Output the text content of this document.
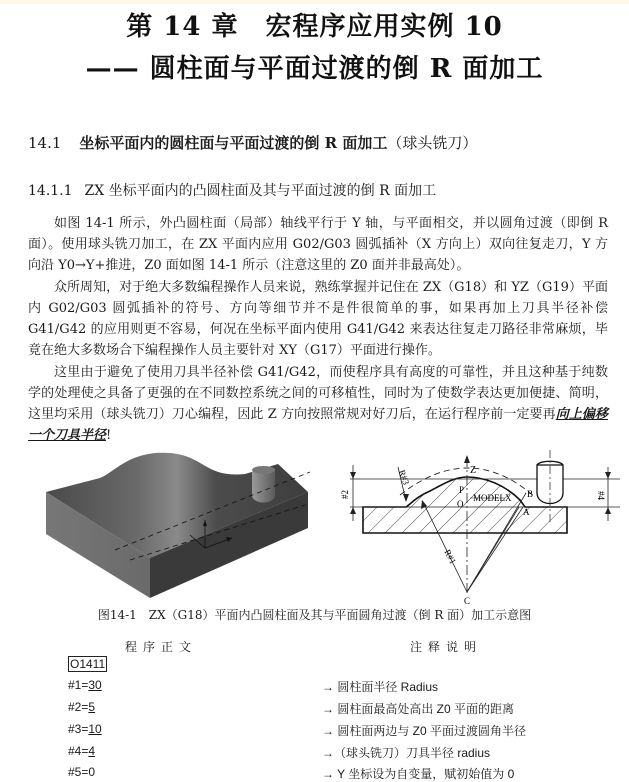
第 14 章　宏程序应用实例 10
—— 圆柱面与平面过渡的倒 R 面加工
14.1 坐标平面内的圆柱面与平面过渡的倒 R 面加工（球头铣刀）
14.1.1 ZX 坐标平面内的凸圆柱面及其与平面过渡的倒 R 面加工
如图 14-1 所示，外凸圆柱面（局部）轴线平行于 Y 轴，与平面相交，并以圆角过渡（即倒 R 面）。使用球头铣刀加工，在 ZX 平面内应用 G02/G03 圆弧插补（X 方向上）双向往复走刀，Y 方向沿 Y0→Y+推进，Z0 面如图 14-1 所示（注意这里的 Z0 面并非最高处）。
众所周知，对于绝大多数编程操作人员来说，熟练掌握并记住在 ZX（G18）和 YZ（G19）平面内 G02/G03 圆弧插补的符号、方向等细节并不是件很简单的事，如果再加上刀具半径补偿 G41/G42 的应用则更不容易，何况在坐标平面内使用 G41/G42 来表达往复走刀路径非常麻烦，毕竟在绝大多数场合下编程操作人员主要针对 XY（G17）平面进行操作。
这里由于避免了使用刀具半径补偿 G41/G42，而使程序具有高度的可靠性，并且这种基于纯数学的处理使之具备了更强的在不同数控系统之间的可移植性，同时为了使数学表达更加便捷、简明，这里均采用（球头铣刀）刀心编程，因此 Z 方向按照常规对好刀后，在运行程序前一定要再向上偏移一个刀具半径!
R#3
R#1
#2	#4
Z
P
O
MODELX
A
B
C
图14-1　ZX（G18）平面内凸圆柱面及其与平面圆角过渡（倒 R 面）加工示意图
程序正文	注释说明
O1411
#1=30	→ 圆柱面半径 Radius
#2=5	→ 圆柱面最高处高出 Z0 平面的距离
#3=10	→ 圆柱面两边与 Z0 平面过渡圆角半径
#4=4	→（球头铣刀）刀具半径 radius
#5=0	→ Y 坐标设为自变量，赋初始值为 0
